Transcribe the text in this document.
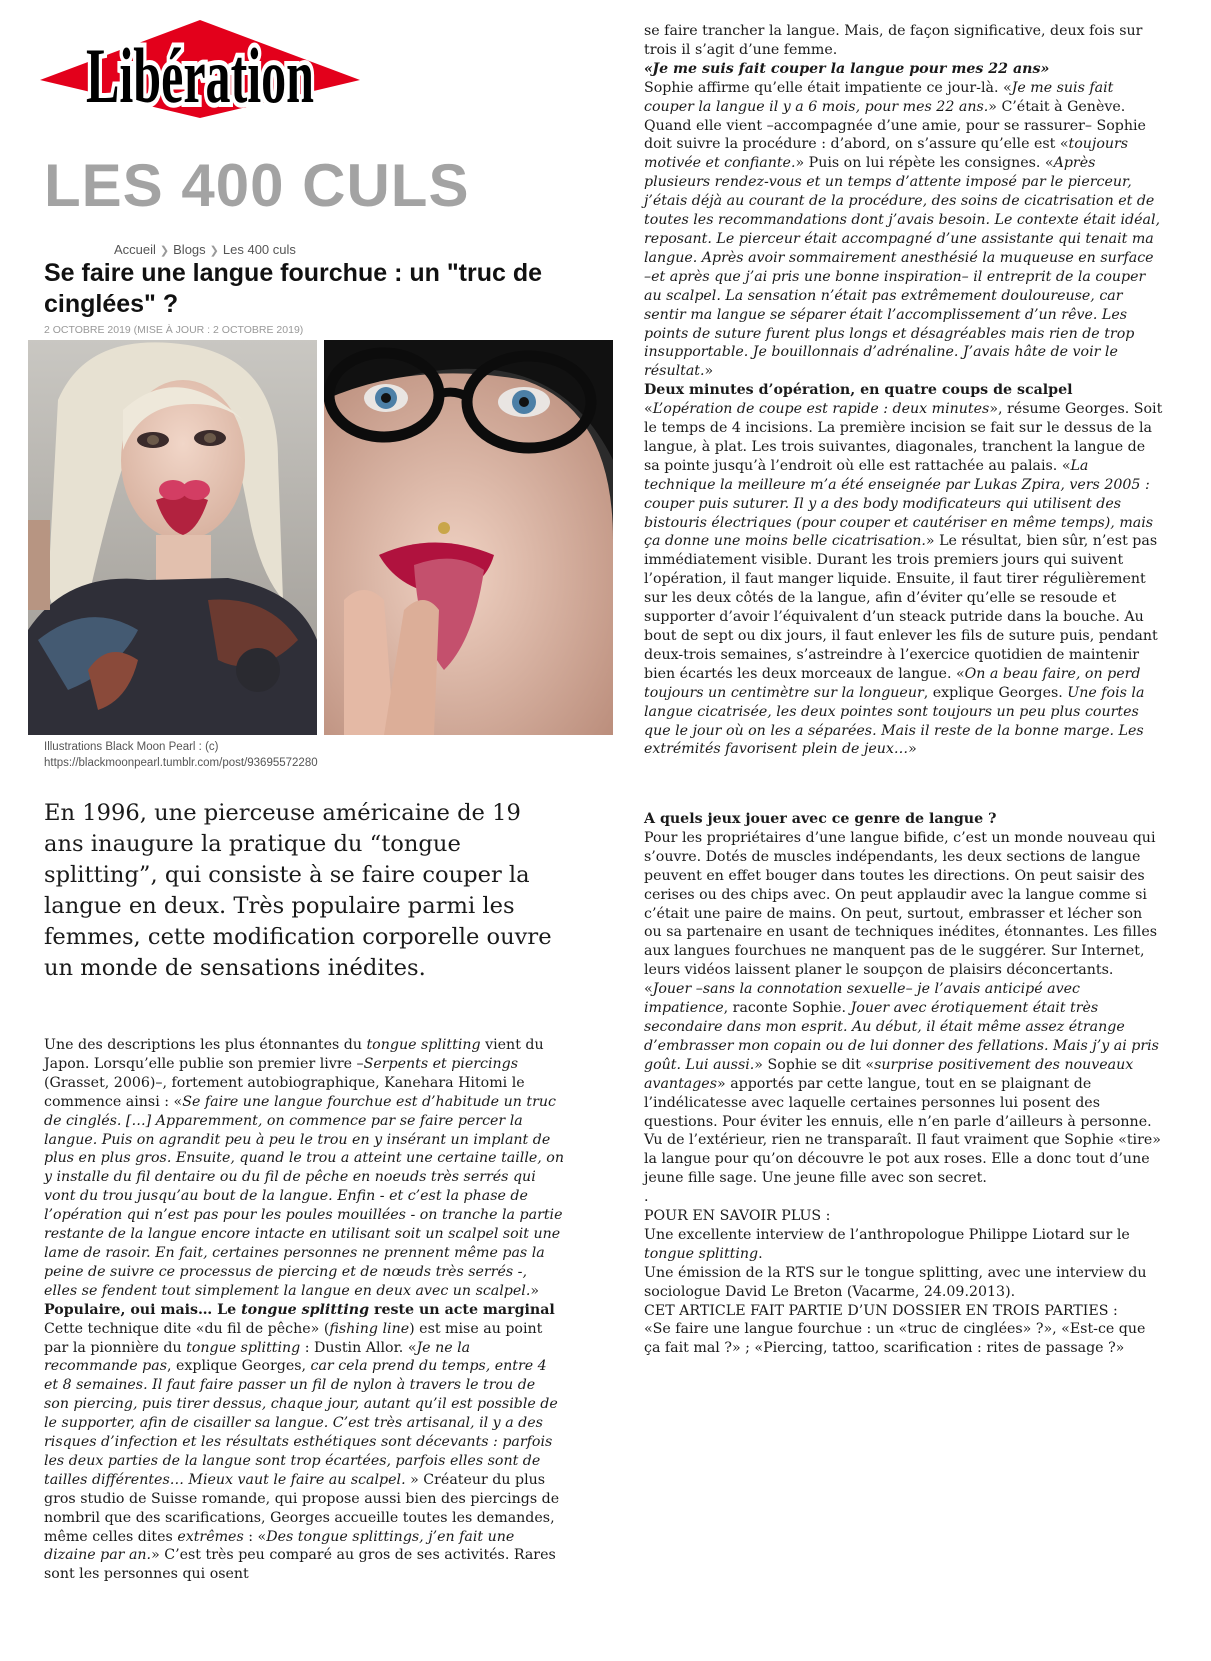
Libération
Libération
LES 400 CULS
Accueil ❯ Blogs ❯ Les 400 culs
Se faire une langue fourchue : un "truc de cinglées" ?
2 OCTOBRE 2019 (MISE À JOUR : 2 OCTOBRE 2019)
Illustrations Black Moon Pearl : (c)
https://blackmoonpearl.tumblr.com/post/93695572280

En 1996, une pierceuse américaine de 19 ans inaugure la pratique du “tongue splitting”, qui consiste à se faire couper la langue en deux. Très populaire parmi les femmes, cette modification corporelle ouvre un monde de sensations inédites.

Une des descriptions les plus étonnantes du tongue splitting vient du Japon. Lorsqu’elle publie son premier livre –Serpents et piercings (Grasset, 2006)–, fortement autobiographique, Kanehara Hitomi le commence ainsi : «Se faire une langue fourchue est d’habitude un truc de cinglés. […] Apparemment, on commence par se faire percer la langue. Puis on agrandit peu à peu le trou en y insérant un implant de plus en plus gros. Ensuite, quand le trou a atteint une certaine taille, on y installe du fil dentaire ou du fil de pêche en noeuds très serrés qui vont du trou jusqu’au bout de la langue. Enfin - et c’est la phase de l’opération qui n’est pas pour les poules mouillées - on tranche la partie restante de la langue encore intacte en utilisant soit un scalpel soit une lame de rasoir. En fait, certaines personnes ne prennent même pas la peine de suivre ce processus de piercing et de nœuds très serrés -, elles se fendent tout simplement la langue en deux avec un scalpel.»

Populaire, oui mais… Le tongue splitting reste un acte marginal

Cette technique dite «du fil de pêche» (fishing line) est mise au point par la pionnière du tongue splitting : Dustin Allor. «Je ne la recommande pas, explique Georges, car cela prend du temps, entre 4 et 8 semaines. Il faut faire passer un fil de nylon à travers le trou de son piercing, puis tirer dessus, chaque jour, autant qu’il est possible de le supporter, afin de cisailler sa langue. C’est très artisanal, il y a des risques d’infection et les résultats esthétiques sont décevants : parfois les deux parties de la langue sont trop écartées, parfois elles sont de tailles différentes… Mieux vaut le faire au scalpel. » Créateur du plus gros studio de Suisse romande, qui propose aussi bien des piercings de nombril que des scarifications, Georges accueille toutes les demandes, même celles dites extrêmes : «Des tongue splittings, j’en fait une dizaine par an.» C’est très peu comparé au gros de ses activités. Rares sont les personnes qui osent

se faire trancher la langue. Mais, de façon significative, deux fois sur trois il s’agit d’une femme.

«Je me suis fait couper la langue pour mes 22 ans»

Sophie affirme qu’elle était impatiente ce jour-là. «Je me suis fait couper la langue il y a 6 mois, pour mes 22 ans.» C’était à Genève. Quand elle vient –accompagnée d’une amie, pour se rassurer– Sophie doit suivre la procédure : d’abord, on s’assure qu’elle est «toujours motivée et confiante.» Puis on lui répète les consignes. «Après plusieurs rendez-vous et un temps d’attente imposé par le pierceur, j’étais déjà au courant de la procédure, des soins de cicatrisation et de toutes les recommandations dont j’avais besoin. Le contexte était idéal, reposant. Le pierceur était accompagné d’une assistante qui tenait ma langue. Après avoir sommairement anesthésié la muqueuse en surface –et après que j’ai pris une bonne inspiration– il entreprit de la couper au scalpel. La sensation n’était pas extrêmement douloureuse, car sentir ma langue se séparer était l’accomplissement d’un rêve. Les points de suture furent plus longs et désagréables mais rien de trop insupportable. Je bouillonnais d’adrénaline. J’avais hâte de voir le résultat.»

Deux minutes d’opération, en quatre coups de scalpel

«L’opération de coupe est rapide : deux minutes», résume Georges. Soit le temps de 4 incisions. La première incision se fait sur le dessus de la langue, à plat. Les trois suivantes, diagonales, tranchent la langue de sa pointe jusqu’à l’endroit où elle est rattachée au palais. «La technique la meilleure m’a été enseignée par Lukas Zpira, vers 2005 : couper puis suturer. Il y a des body modificateurs qui utilisent des bistouris électriques (pour couper et cautériser en même temps), mais ça donne une moins belle cicatrisation.» Le résultat, bien sûr, n’est pas immédiatement visible. Durant les trois premiers jours qui suivent l’opération, il faut manger liquide. Ensuite, il faut tirer régulièrement sur les deux côtés de la langue, afin d’éviter qu’elle se resoude et supporter d’avoir l’équivalent d’un steack putride dans la bouche. Au bout de sept ou dix jours, il faut enlever les fils de suture puis, pendant deux-trois semaines, s’astreindre à l’exercice quotidien de maintenir bien écartés les deux morceaux de langue. «On a beau faire, on perd toujours un centimètre sur la longueur, explique Georges. Une fois la langue cicatrisée, les deux pointes sont toujours un peu plus courtes que le jour où on les a séparées. Mais il reste de la bonne marge. Les extrémités favorisent plein de jeux…»

A quels jeux jouer avec ce genre de langue ?

Pour les propriétaires d’une langue bifide, c’est un monde nouveau qui s’ouvre. Dotés de muscles indépendants, les deux sections de langue peuvent en effet bouger dans toutes les directions. On peut saisir des cerises ou des chips avec. On peut applaudir avec la langue comme si c’était une paire de mains. On peut, surtout, embrasser et lécher son ou sa partenaire en usant de techniques inédites, étonnantes. Les filles aux langues fourchues ne manquent pas de le suggérer. Sur Internet, leurs vidéos laissent planer le soupçon de plaisirs déconcertants. «Jouer –sans la connotation sexuelle– je l’avais anticipé avec impatience, raconte Sophie. Jouer avec érotiquement était très secondaire dans mon esprit. Au début, il était même assez étrange d’embrasser mon copain ou de lui donner des fellations. Mais j’y ai pris goût. Lui aussi.» Sophie se dit «surprise positivement des nouveaux avantages» apportés par cette langue, tout en se plaignant de l’indélicatesse avec laquelle certaines personnes lui posent des questions. Pour éviter les ennuis, elle n’en parle d’ailleurs à personne. Vu de l’extérieur, rien ne transparaît. Il faut vraiment que Sophie «tire» la langue pour qu’on découvre le pot aux roses. Elle a donc tout d’une jeune fille sage. Une jeune fille avec son secret.

.

POUR EN SAVOIR PLUS :

Une excellente interview de l’anthropologue Philippe Liotard sur le tongue splitting.

Une émission de la RTS sur le tongue splitting, avec une interview du sociologue David Le Breton (Vacarme, 24.09.2013).

CET ARTICLE FAIT PARTIE D’UN DOSSIER EN TROIS PARTIES :

«Se faire une langue fourchue : un «truc de cinglées» ?», «Est-ce que ça fait mal ?» ; «Piercing, tattoo, scarification : rites de passage ?»
